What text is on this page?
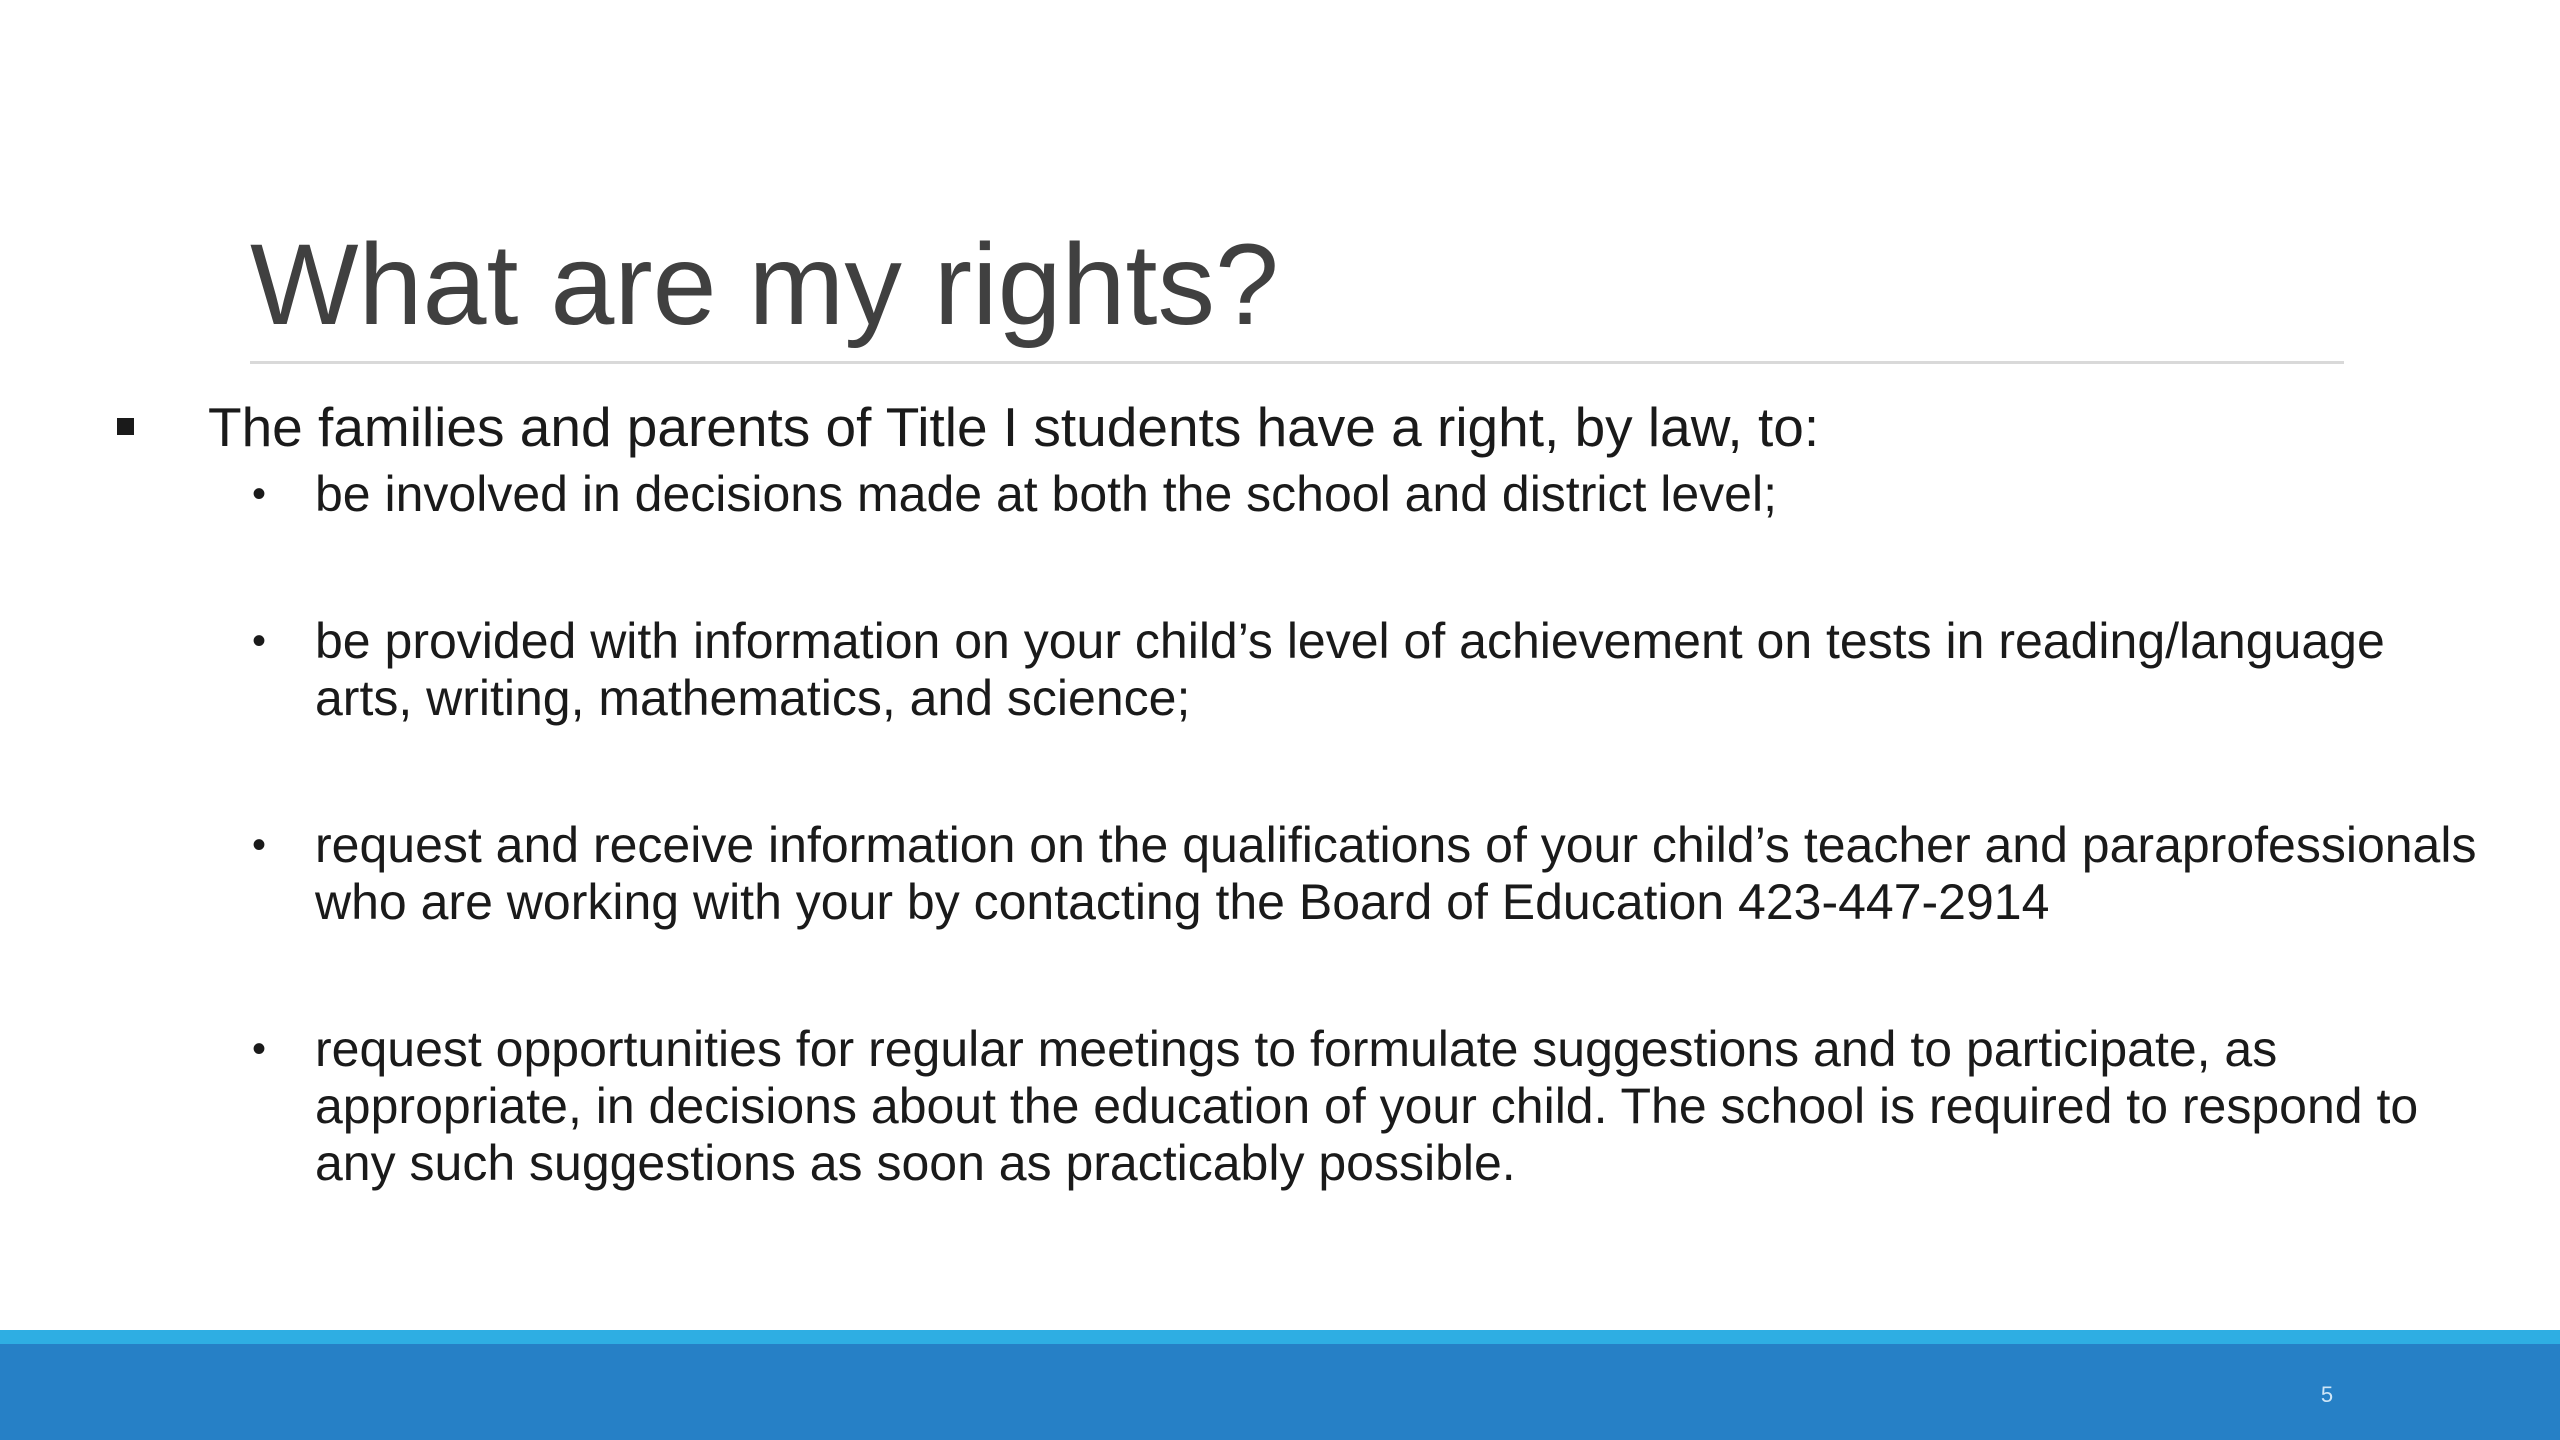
What are my rights?
The families and parents of Title I students have a right, by law, to:
• be involved in decisions made at both the school and district level;
• be provided with information on your child’s level of achievement on tests in reading/language arts, writing, mathematics, and science;
• request and receive information on the qualifications of your child’s teacher and paraprofessionals who are working with your by contacting the Board of Education 423-447-2914
• request opportunities for regular meetings to formulate suggestions and to participate, as appropriate, in decisions about the education of your child. The school is required to respond to any such suggestions as soon as practicably possible.
5
